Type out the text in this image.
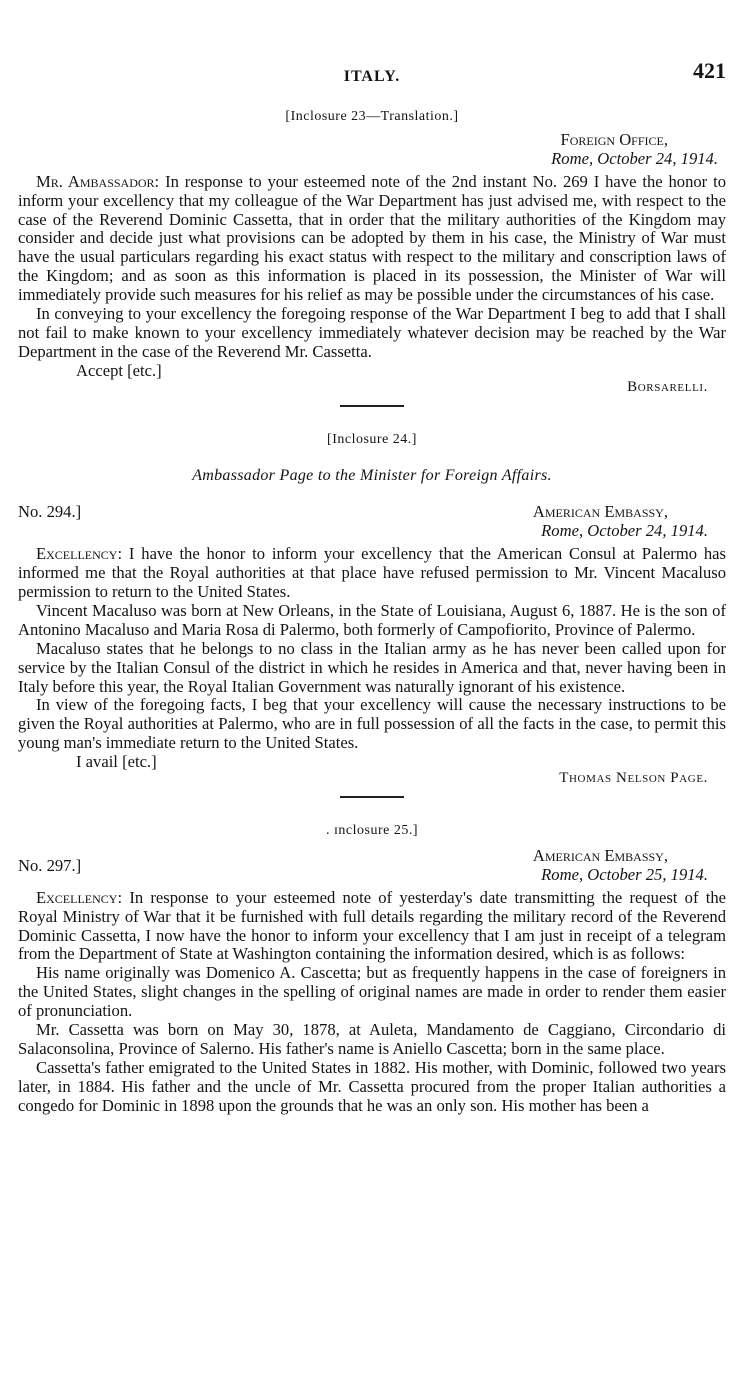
ITALY.	421
[Inclosure 23—Translation.]
Foreign Office,
Rome, October 24, 1914.

Mr. Ambassador: In response to your esteemed note of the 2nd instant No. 269 I have the honor to inform your excellency that my colleague of the War Department has just advised me, with respect to the case of the Reverend Dominic Cassetta, that in order that the military authorities of the Kingdom may consider and decide just what provisions can be adopted by them in his case, the Ministry of War must have the usual particulars regarding his exact status with respect to the military and conscription laws of the Kingdom; and as soon as this information is placed in its possession, the Minister of War will immediately provide such measures for his relief as may be possible under the circumstances of his case.

In conveying to your excellency the foregoing response of the War Department I beg to add that I shall not fail to make known to your excellency immediately whatever decision may be reached by the War Department in the case of the Reverend Mr. Cassetta.

Accept [etc.]
Borsarelli.
[Inclosure 24.]
Ambassador Page to the Minister for Foreign Affairs.
No. 294.]	American Embassy,
Rome, October 24, 1914.

Excellency: I have the honor to inform your excellency that the American Consul at Palermo has informed me that the Royal authorities at that place have refused permission to Mr. Vincent Macaluso permission to return to the United States.

Vincent Macaluso was born at New Orleans, in the State of Louisiana, August 6, 1887. He is the son of Antonino Macaluso and Maria Rosa di Palermo, both formerly of Campofiorito, Province of Palermo.

Macaluso states that he belongs to no class in the Italian army as he has never been called upon for service by the Italian Consul of the district in which he resides in America and that, never having been in Italy before this year, the Royal Italian Government was naturally ignorant of his existence.

In view of the foregoing facts, I beg that your excellency will cause the necessary instructions to be given the Royal authorities at Palermo, who are in full possession of all the facts in the case, to permit this young man's immediate return to the United States.

I avail [etc.]
Thomas Nelson Page.
. ɪnclosure 25.]
No. 297.]
American Embassy,
Rome, October 25, 1914.

Excellency: In response to your esteemed note of yesterday's date transmitting the request of the Royal Ministry of War that it be furnished with full details regarding the military record of the Reverend Dominic Cassetta, I now have the honor to inform your excellency that I am just in receipt of a telegram from the Department of State at Washington containing the information desired, which is as follows:

His name originally was Domenico A. Cascetta; but as frequently happens in the case of foreigners in the United States, slight changes in the spelling of original names are made in order to render them easier of pronunciation.

Mr. Cassetta was born on May 30, 1878, at Auleta, Mandamento de Caggiano, Circondario di Salaconsolina, Province of Salerno. His father's name is Aniello Cascetta; born in the same place.

Cassetta's father emigrated to the United States in 1882. His mother, with Dominic, followed two years later, in 1884. His father and the uncle of Mr. Cassetta procured from the proper Italian authorities a congedo for Dominic in 1898 upon the grounds that he was an only son. His mother has been a
